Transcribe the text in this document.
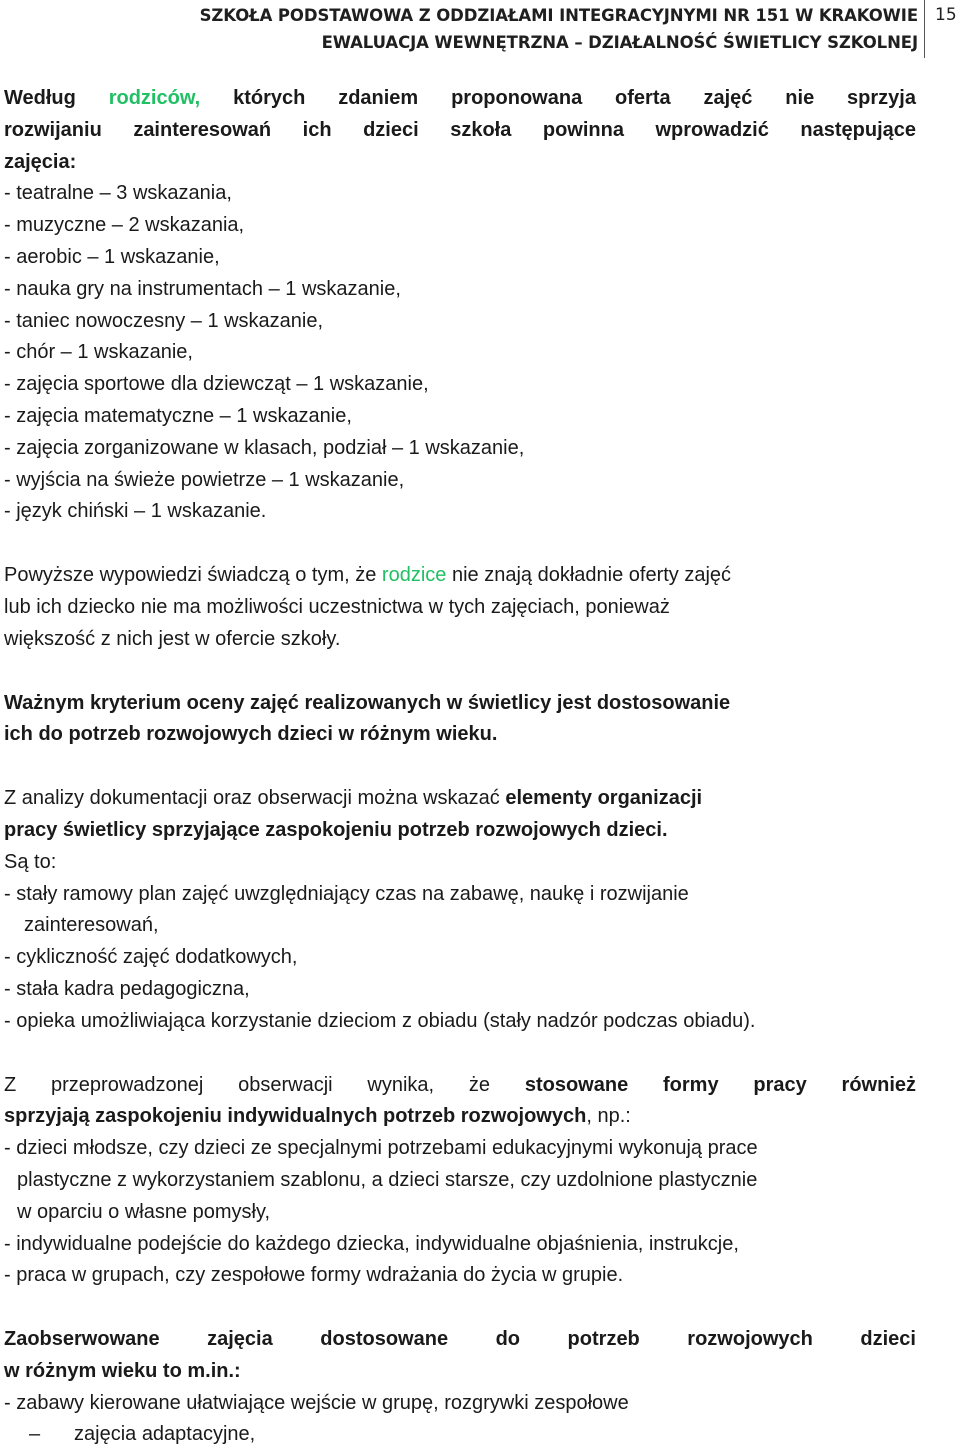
SZKOŁA PODSTAWOWA Z ODDZIAŁAMI INTEGRACYJNYMI NR 151 W KRAKOWIE
EWALUACJA WEWNĘTRZNA – DZIAŁALNOŚĆ ŚWIETLICY SZKOLNEJ
15

Według rodziców, których zdaniem proponowana oferta zajęć nie sprzyja

rozwijaniu zainteresowań ich dzieci szkoła powinna wprowadzić następujące

zajęcia:

- teatralne – 3 wskazania,

- muzyczne – 2 wskazania,

- aerobic – 1 wskazanie,

- nauka gry na instrumentach – 1 wskazanie,

- taniec nowoczesny – 1 wskazanie,

- chór – 1 wskazanie,

- zajęcia sportowe dla dziewcząt – 1 wskazanie,

- zajęcia matematyczne – 1 wskazanie,

- zajęcia zorganizowane w klasach, podział – 1 wskazanie,

- wyjścia na świeże powietrze – 1 wskazanie,

- język chiński – 1 wskazanie.

Powyższe wypowiedzi świadczą o tym, że rodzice nie znają dokładnie oferty zajęć

lub ich dziecko nie ma możliwości uczestnictwa w tych zajęciach, ponieważ

większość z nich jest w ofercie szkoły.

Ważnym kryterium oceny zajęć realizowanych w świetlicy jest dostosowanie

ich do potrzeb rozwojowych dzieci w różnym wieku.

Z analizy dokumentacji oraz obserwacji można wskazać elementy organizacji

pracy świetlicy sprzyjające zaspokojeniu potrzeb rozwojowych dzieci.

Są to:

- stały ramowy plan zajęć uwzględniający czas na zabawę, naukę i rozwijanie

zainteresowań,

- cykliczność zajęć dodatkowych,

- stała kadra pedagogiczna,

- opieka umożliwiająca korzystanie dzieciom z obiadu (stały nadzór podczas obiadu).

Z przeprowadzonej obserwacji wynika, że stosowane formy pracy również

sprzyjają zaspokojeniu indywidualnych potrzeb rozwojowych, np.:

- dzieci młodsze, czy dzieci ze specjalnymi potrzebami edukacyjnymi wykonują prace

plastyczne z wykorzystaniem szablonu, a dzieci starsze, czy uzdolnione plastycznie

w oparciu o własne pomysły,

- indywidualne podejście do każdego dziecka, indywidualne objaśnienia, instrukcje,

- praca w grupach, czy zespołowe formy wdrażania do życia w grupie.

Zaobserwowane zajęcia dostosowane do potrzeb rozwojowych dzieci

w różnym wieku to m.in.:

- zabawy kierowane ułatwiające wejście w grupę, rozgrywki zespołowe

– zajęcia adaptacyjne,
